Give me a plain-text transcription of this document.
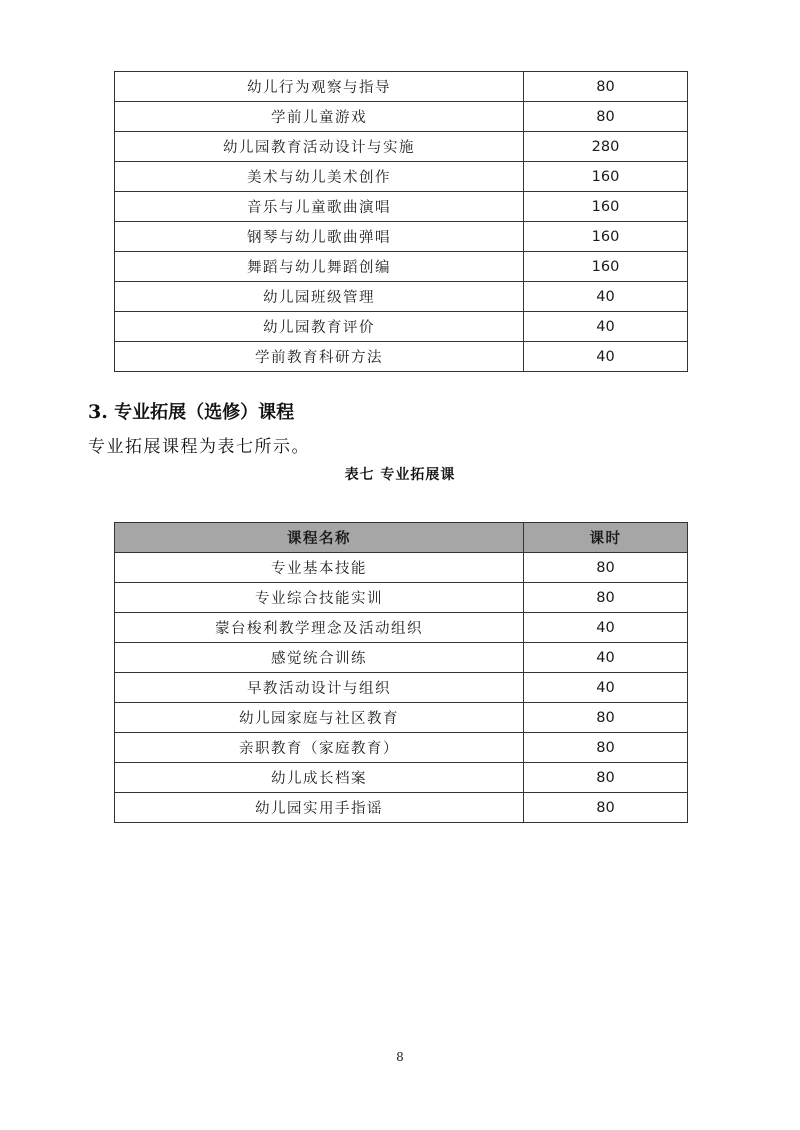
幼儿行为观察与指导	80
学前儿童游戏	80
幼儿园教育活动设计与实施	280
美术与幼儿美术创作	160
音乐与儿童歌曲演唱	160
钢琴与幼儿歌曲弹唱	160
舞蹈与幼儿舞蹈创编	160
幼儿园班级管理	40
幼儿园教育评价	40
学前教育科研方法	40
3. 专业拓展（选修）课程
专业拓展课程为表七所示。
表七 专业拓展课
课程名称	课时
专业基本技能	80
专业综合技能实训	80
蒙台梭利教学理念及活动组织	40
感觉统合训练	40
早教活动设计与组织	40
幼儿园家庭与社区教育	80
亲职教育（家庭教育）	80
幼儿成长档案	80
幼儿园实用手指谣	80
8
